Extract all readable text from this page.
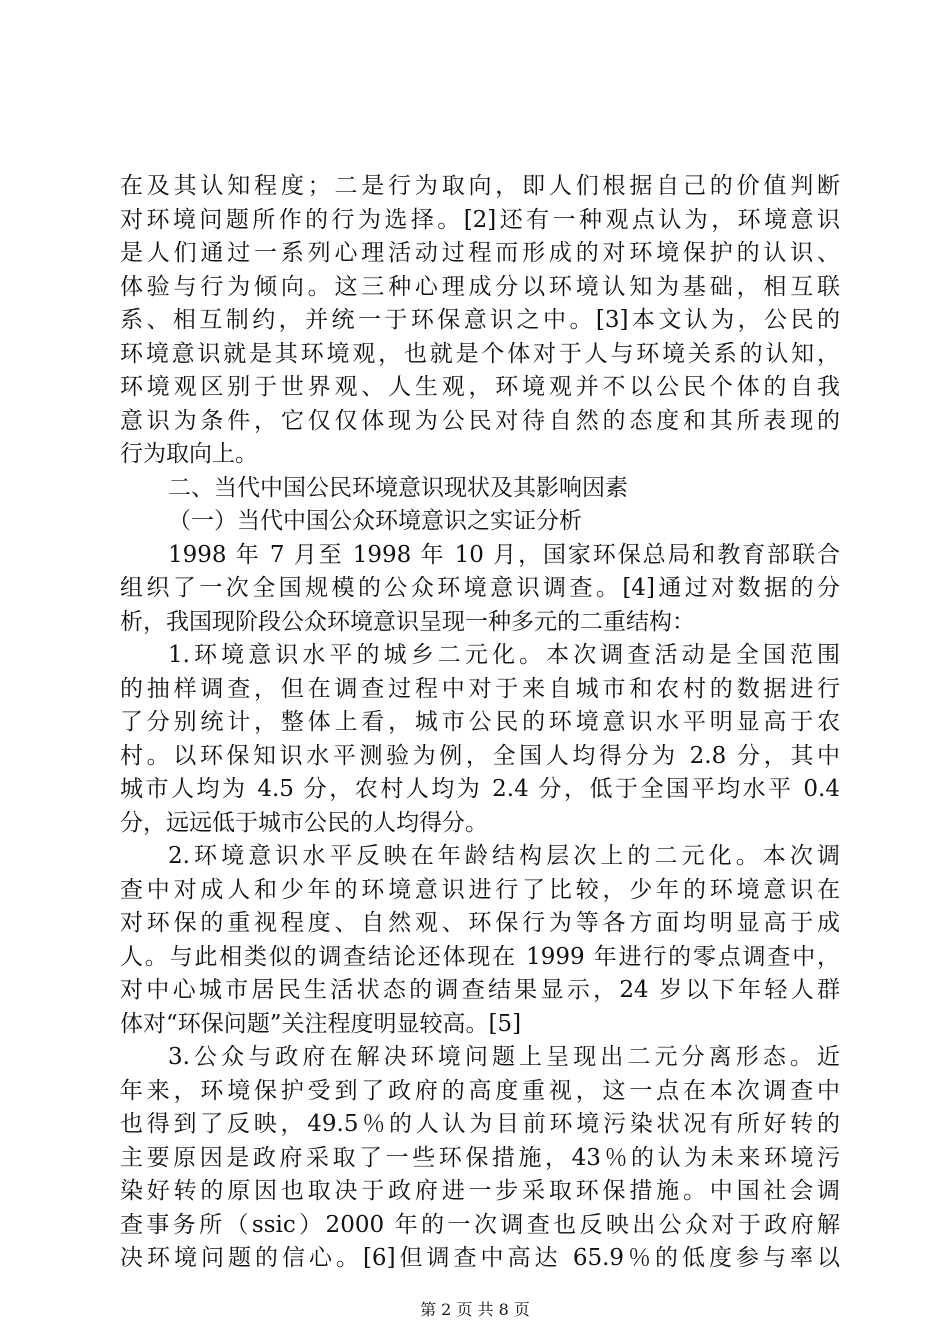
在及其认知程度；二是行为取向，即人们根据自己的价值判断
对环境问题所作的行为选择。[2]还有一种观点认为，环境意识
是人们通过一系列心理活动过程而形成的对环境保护的认识、
体验与行为倾向。这三种心理成分以环境认知为基础，相互联
系、相互制约，并统一于环保意识之中。[3]本文认为，公民的
环境意识就是其环境观，也就是个体对于人与环境关系的认知，
环境观区别于世界观、人生观，环境观并不以公民个体的自我
意识为条件，它仅仅体现为公民对待自然的态度和其所表现的
行为取向上。
二、当代中国公民环境意识现状及其影响因素
（一）当代中国公众环境意识之实证分析
1998 年 7 月至 1998 年 10 月，国家环保总局和教育部联合
组织了一次全国规模的公众环境意识调查。[4]通过对数据的分
析，我国现阶段公众环境意识呈现一种多元的二重结构：
1.环境意识水平的城乡二元化。本次调查活动是全国范围
的抽样调查，但在调查过程中对于来自城市和农村的数据进行
了分别统计，整体上看，城市公民的环境意识水平明显高于农
村。以环保知识水平测验为例，全国人均得分为 2.8 分，其中
城市人均为 4.5 分，农村人均为 2.4 分，低于全国平均水平 0.4
分，远远低于城市公民的人均得分。
2.环境意识水平反映在年龄结构层次上的二元化。本次调
查中对成人和少年的环境意识进行了比较，少年的环境意识在
对环保的重视程度、自然观、环保行为等各方面均明显高于成
人。与此相类似的调查结论还体现在 1999 年进行的零点调查中，
对中心城市居民生活状态的调查结果显示，24 岁以下年轻人群
体对“环保问题”关注程度明显较高。[5]
3.公众与政府在解决环境问题上呈现出二元分离形态。近
年来，环境保护受到了政府的高度重视，这一点在本次调查中
也得到了反映，49.5％的人认为目前环境污染状况有所好转的
主要原因是政府采取了一些环保措施，43％的认为未来环境污
染好转的原因也取决于政府进一步采取环保措施。中国社会调
查事务所（ssic）2000 年的一次调查也反映出公众对于政府解
决环境问题的信心。[6]但调查中高达 65.9％的低度参与率以
第 2 页 共 8 页
